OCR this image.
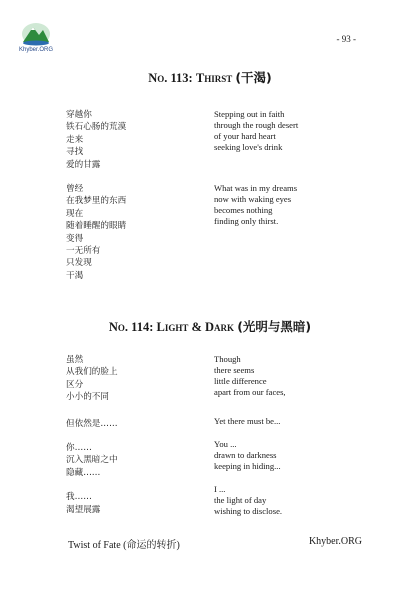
Khyber.ORG
- 93 -
No. 113: Thirst (干渴)
穿越你
铁石心肠的荒漠
走来
寻找
爱的甘露
曾经
在我梦里的东西
现在
随着睡醒的眼睛
变得
一无所有
只发现
干渴
Stepping out in faith
through the rough desert
of your hard heart
seeking love's drink
What was in my dreams
now with waking eyes
becomes nothing
finding only thirst.
No. 114: Light & Dark (光明与黑暗)
虽然
从我们的脸上
区分
小小的不同
但依然是……
你……
沉入黑暗之中
隐藏……
我……
渴望展露
Though
there seems
little difference
apart from our faces,
Yet there must be...
You ...
drawn to darkness
keeping in hiding...
I ...
the light of day
wishing to disclose.
Twist of Fate (命运的转折)	Khyber.ORG
